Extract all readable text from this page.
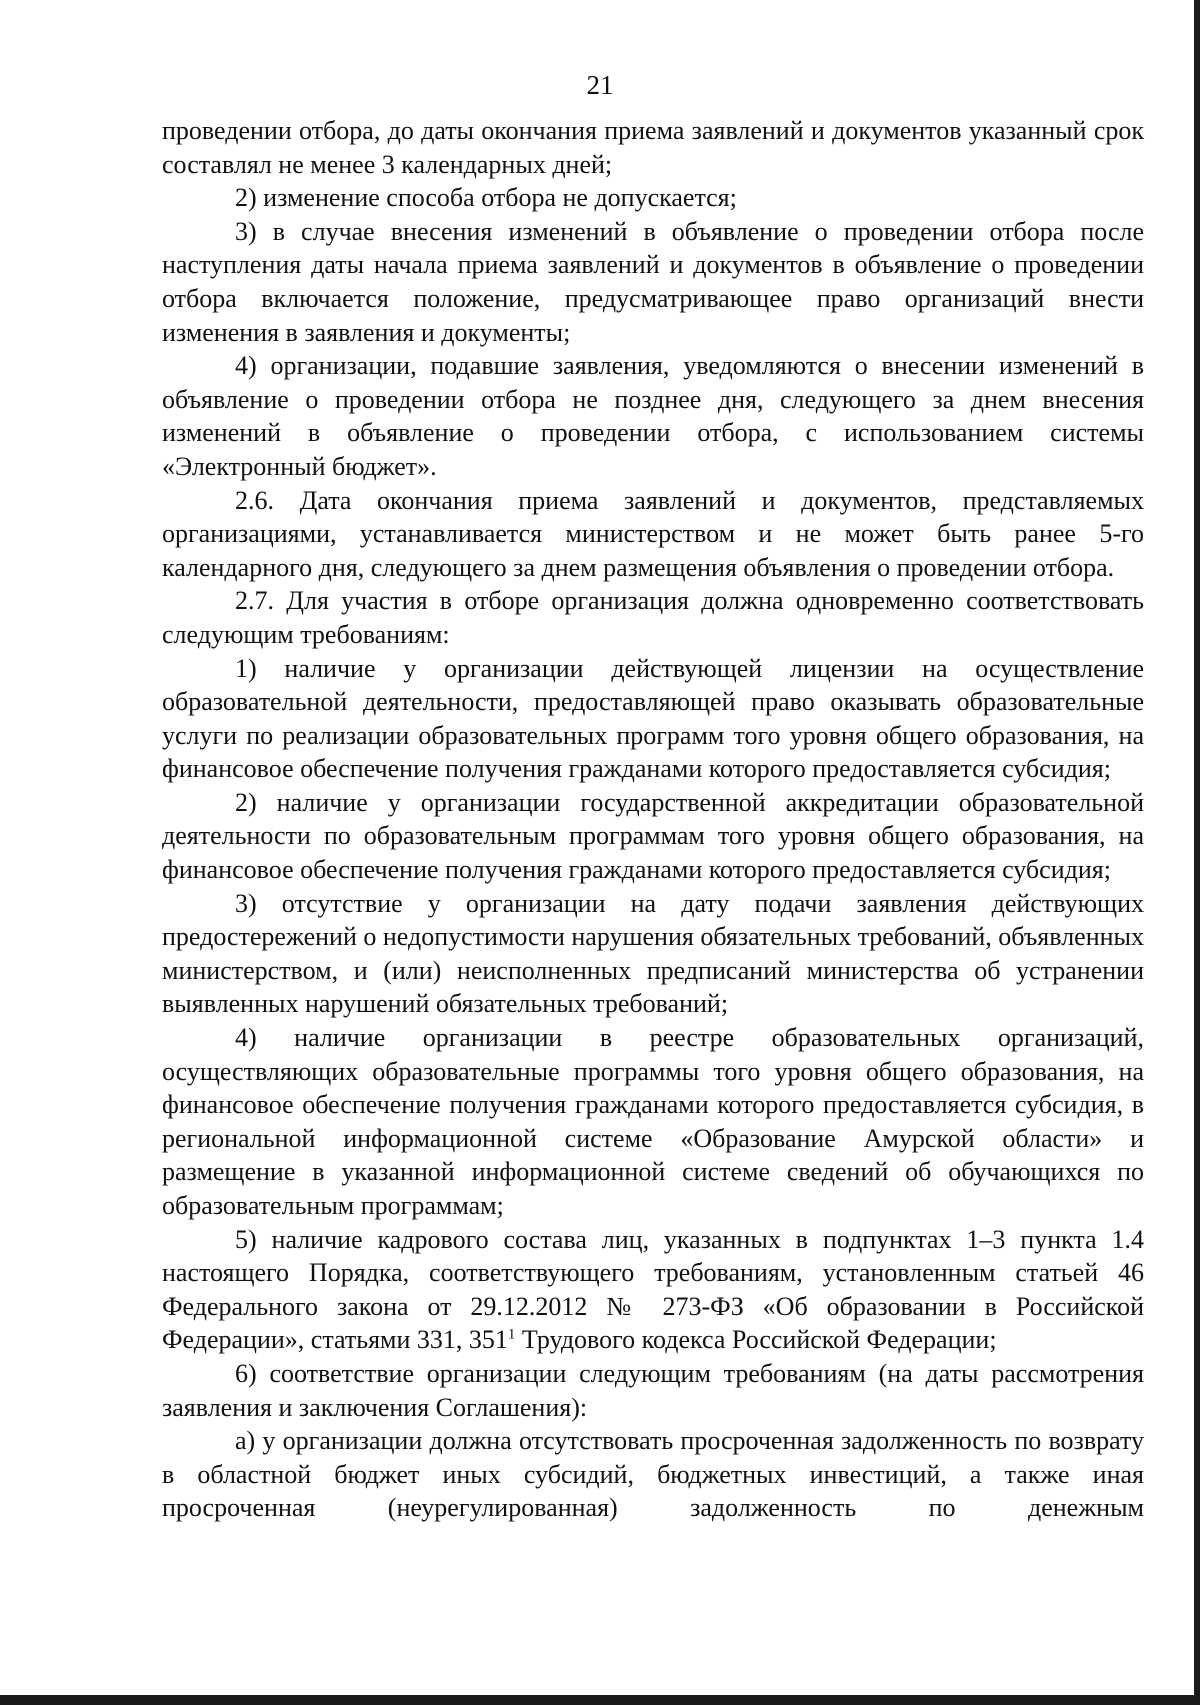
21

проведении отбора, до даты окончания приема заявлений и документов указанный срок составлял не менее 3 календарных дней;

2) изменение способа отбора не допускается;

3) в случае внесения изменений в объявление о проведении отбора после наступления даты начала приема заявлений и документов в объявление о проведении отбора включается положение, предусматривающее право организаций внести изменения в заявления и документы;

4) организации, подавшие заявления, уведомляются о внесении изменений в объявление о проведении отбора не позднее дня, следующего за днем внесения изменений в объявление о проведении отбора, с использованием системы «Электронный бюджет».

2.6. Дата окончания приема заявлений и документов, представляемых организациями, устанавливается министерством и не может быть ранее 5-го календарного дня, следующего за днем размещения объявления о проведении отбора.

2.7. Для участия в отборе организация должна одновременно соответствовать следующим требованиям:

1) наличие у организации действующей лицензии на осуществление образовательной деятельности, предоставляющей право оказывать образовательные услуги по реализации образовательных программ того уровня общего образования, на финансовое обеспечение получения гражданами которого предоставляется субсидия;

2) наличие у организации государственной аккредитации образовательной деятельности по образовательным программам того уровня общего образования, на финансовое обеспечение получения гражданами которого предоставляется субсидия;

3) отсутствие у организации на дату подачи заявления действующих предостережений о недопустимости нарушения обязательных требований, объявленных министерством, и (или) неисполненных предписаний министерства об устранении выявленных нарушений обязательных требований;

4) наличие организации в реестре образовательных организаций, осуществляющих образовательные программы того уровня общего образования, на финансовое обеспечение получения гражданами которого предоставляется субсидия, в региональной информационной системе «Образование Амурской области» и размещение в указанной информационной системе сведений об обучающихся по образовательным программам;

5) наличие кадрового состава лиц, указанных в подпунктах 1–3 пункта 1.4 настоящего Порядка, соответствующего требованиям, установленным статьей 46 Федерального закона от 29.12.2012 № 273-ФЗ «Об образовании в Российской Федерации», статьями 331, $351^1$ Трудового кодекса Российской Федерации;

6) соответствие организации следующим требованиям (на даты рассмотрения заявления и заключения Соглашения):

а) у организации должна отсутствовать просроченная задолженность по возврату в областной бюджет иных субсидий, бюджетных инвестиций, а также иная просроченная (неурегулированная) задолженность по денежным
